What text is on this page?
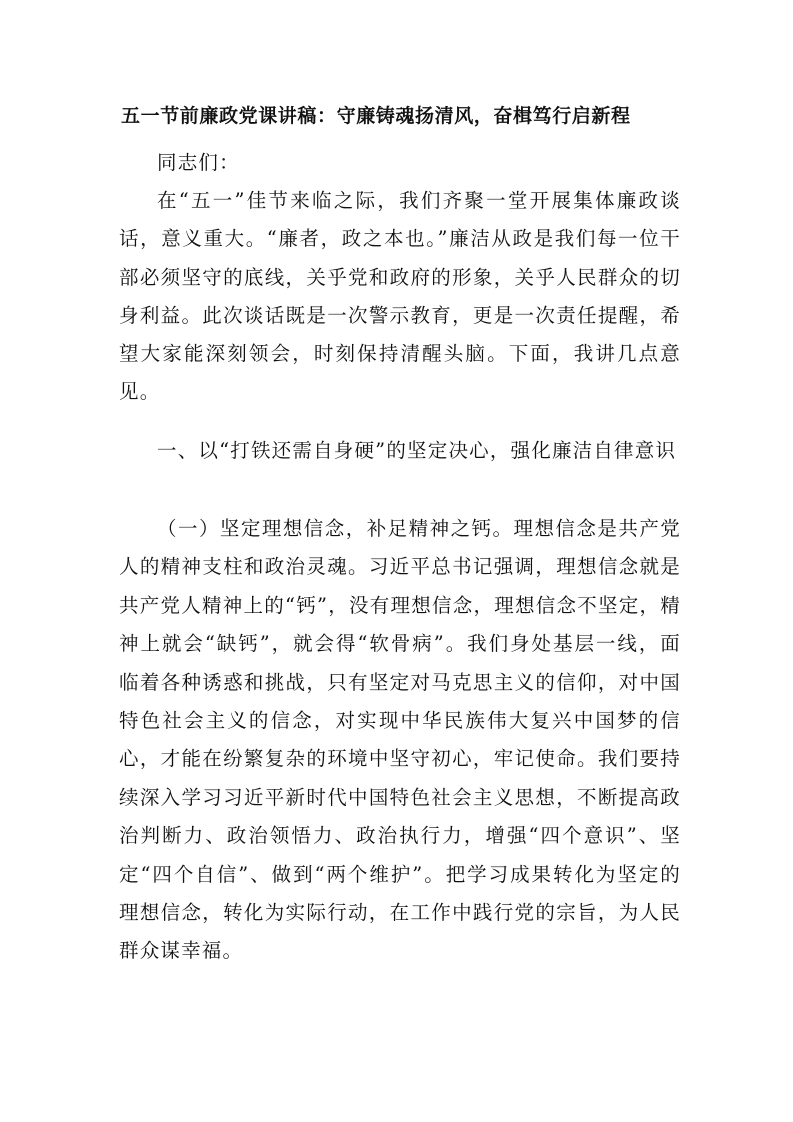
五一节前廉政党课讲稿：守廉铸魂扬清风，奋楫笃行启新程
同志们：
在“五一”佳节来临之际，我们齐聚一堂开展集体廉政谈话，意义重大。“廉者，政之本也。”廉洁从政是我们每一位干部必须坚守的底线，关乎党和政府的形象，关乎人民群众的切身利益。此次谈话既是一次警示教育，更是一次责任提醒，希望大家能深刻领会，时刻保持清醒头脑。下面，我讲几点意见。
一、以“打铁还需自身硬”的坚定决心，强化廉洁自律意识
（一）坚定理想信念，补足精神之钙。理想信念是共产党人的精神支柱和政治灵魂。习近平总书记强调，理想信念就是共产党人精神上的“钙”，没有理想信念，理想信念不坚定，精神上就会“缺钙”，就会得“软骨病”。我们身处基层一线，面临着各种诱惑和挑战，只有坚定对马克思主义的信仰，对中国特色社会主义的信念，对实现中华民族伟大复兴中国梦的信心，才能在纷繁复杂的环境中坚守初心，牢记使命。我们要持续深入学习习近平新时代中国特色社会主义思想，不断提高政治判断力、政治领悟力、政治执行力，增强“四个意识”、坚定“四个自信”、做到“两个维护”。把学习成果转化为坚定的理想信念，转化为实际行动，在工作中践行党的宗旨，为人民群众谋幸福。
